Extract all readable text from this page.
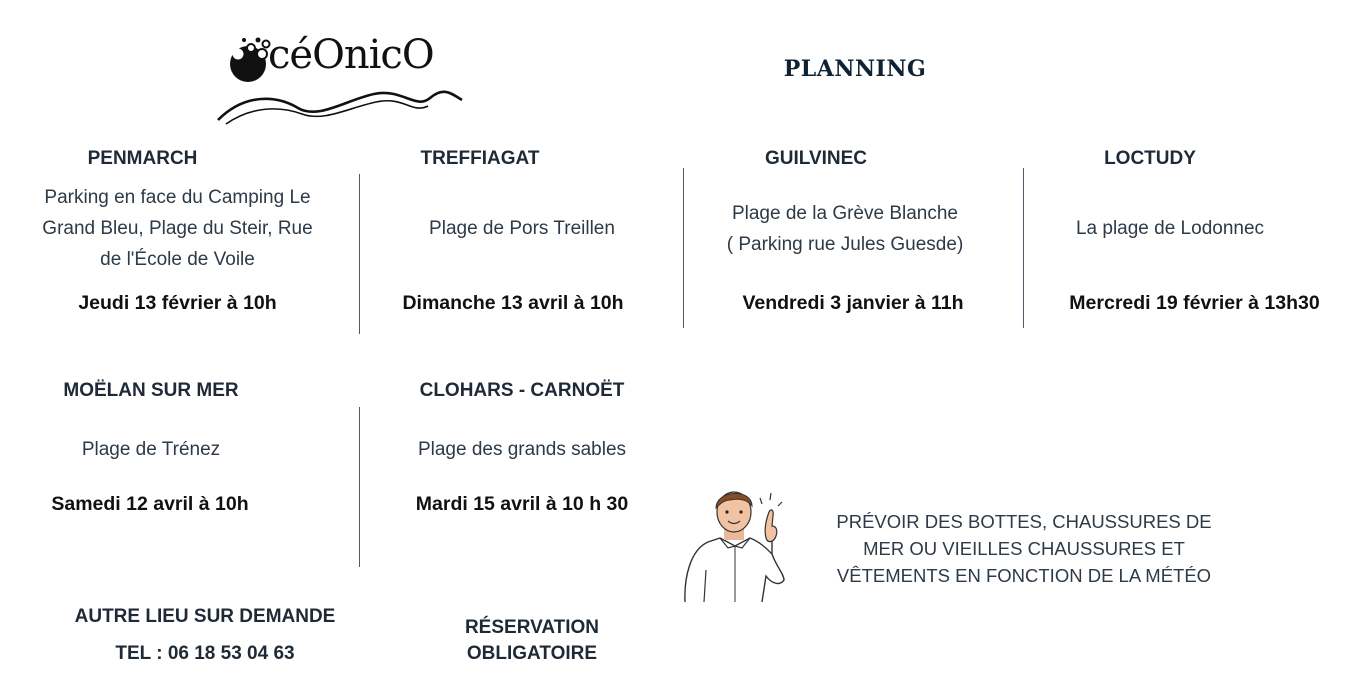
céOnicO	PLANNING
PENMARCH
Parking en face du Camping Le Grand Bleu, Plage du Steir, Rue de l'École de Voile
Jeudi 13 février à 10h
TREFFIAGAT
Plage de Pors Treillen
Dimanche 13 avril à 10h
GUILVINEC
Plage de la Grève Blanche
( Parking rue Jules Guesde)
Vendredi 3 janvier à 11h
LOCTUDY
La plage de Lodonnec
Mercredi 19 février à 13h30
MOËLAN SUR MER
Plage de Trénez
Samedi 12 avril à 10h
CLOHARS - CARNOËT
Plage des grands sables
Mardi 15 avril à 10 h 30
PRÉVOIR DES BOTTES, CHAUSSURES DE
MER OU VIEILLES CHAUSSURES ET
VÊTEMENTS EN FONCTION DE LA MÉTÉO
AUTRE LIEU SUR DEMANDE
TEL : 06 18 53 04 63
RÉSERVATION
OBLIGATOIRE
